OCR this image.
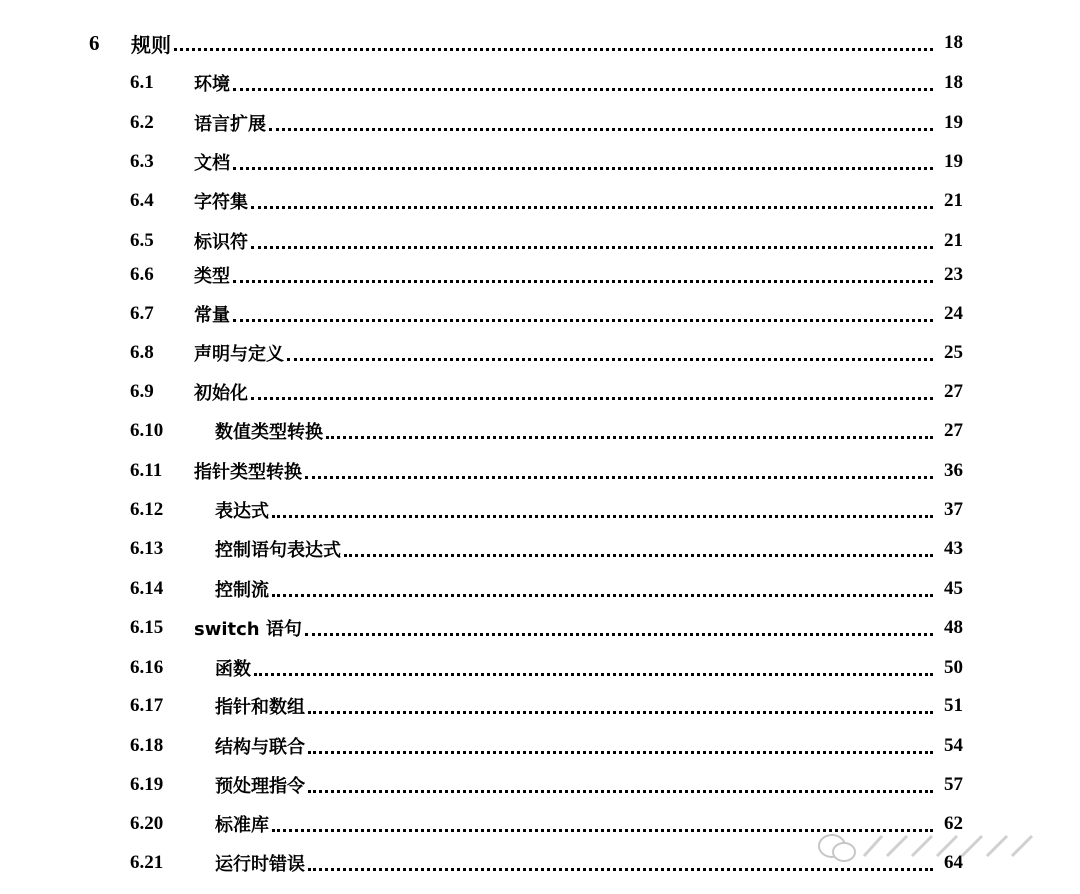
6 规则	18
6.1 环境	18
6.2 语言扩展	19
6.3 文档	19
6.4 字符集	21
6.5 标识符	21
6.6 类型	23
6.7 常量	24
6.8 声明与定义	25
6.9 初始化	27
6.10	数值类型转换	27
6.11 指针类型转换	36
6.12	表达式	37
6.13	控制语句表达式	43
6.14	控制流	45
6.15 switch 语句	48
6.16	函数	50
6.17	指针和数组	51
6.18	结构与联合	54
6.19	预处理指令	57
6.20	标准库	62
6.21	运行时错误	64
